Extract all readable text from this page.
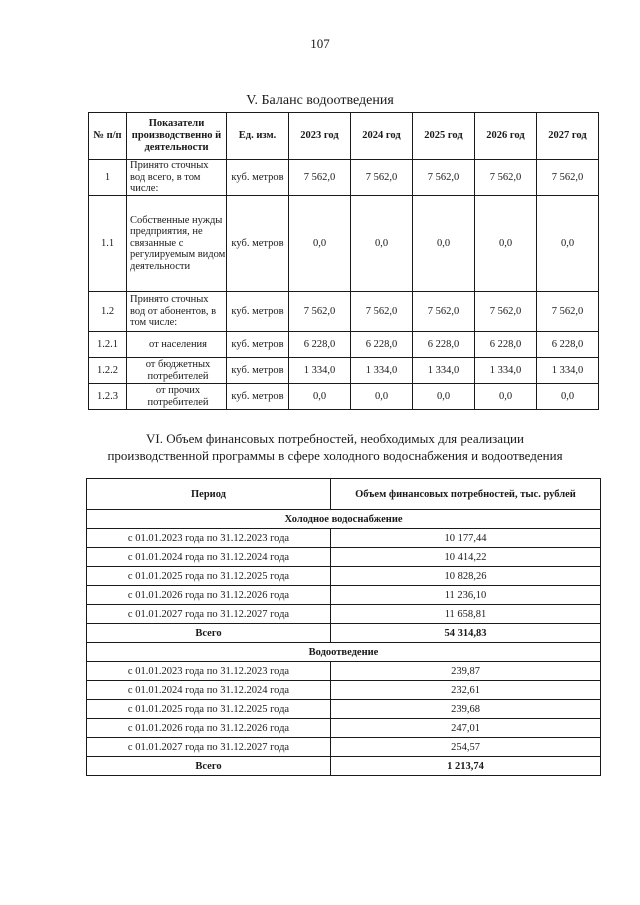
107
V. Баланс водоотведения
№ п/п	Показатели производственно й деятельности	Ед. изм.	2023 год	2024 год	2025 год	2026 год	2027 год
1	Принято сточных вод всего, в том числе:	куб. метров	7 562,0	7 562,0	7 562,0	7 562,0	7 562,0
1.1	Собственные нужды предприятия, не связанные с регулируемым видом деятельности	куб. метров	0,0	0,0	0,0	0,0	0,0
1.2	Принято сточных вод от абонентов, в том числе:	куб. метров	7 562,0	7 562,0	7 562,0	7 562,0	7 562,0
1.2.1	от населения	куб. метров	6 228,0	6 228,0	6 228,0	6 228,0	6 228,0
1.2.2	от бюджетных потребителей	куб. метров	1 334,0	1 334,0	1 334,0	1 334,0	1 334,0
1.2.3	от прочих потребителей	куб. метров	0,0	0,0	0,0	0,0	0,0
VI. Объем финансовых потребностей, необходимых для реализации
производственной программы в сфере холодного водоснабжения и водоотведения
Период	Объем финансовых потребностей, тыс. рублей
Холодное водоснабжение	
с 01.01.2023 года по 31.12.2023 года	10 177,44
с 01.01.2024 года по 31.12.2024 года	10 414,22
с 01.01.2025 года по 31.12.2025 года	10 828,26
с 01.01.2026 года по 31.12.2026 года	11 236,10
с 01.01.2027 года по 31.12.2027 года	11 658,81
Всего	54 314,83
Водоотведение	
с 01.01.2023 года по 31.12.2023 года	239,87
с 01.01.2024 года по 31.12.2024 года	232,61
с 01.01.2025 года по 31.12.2025 года	239,68
с 01.01.2026 года по 31.12.2026 года	247,01
с 01.01.2027 года по 31.12.2027 года	254,57
Всего	1 213,74
